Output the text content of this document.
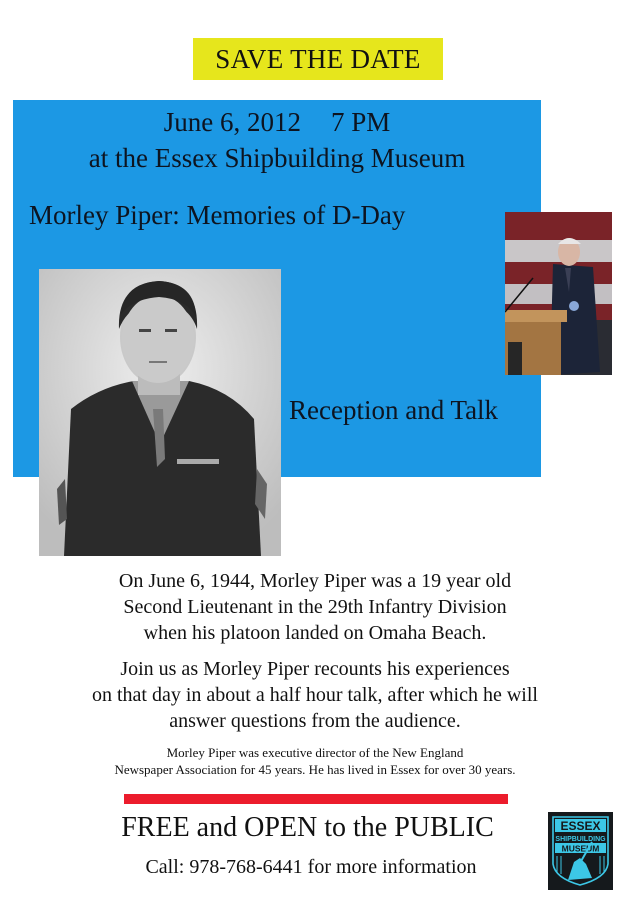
SAVE THE DATE
June 6, 2012 7 PM
at the Essex Shipbuilding Museum
Morley Piper: Memories of D-Day
Reception and Talk
On June 6, 1944, Morley Piper was a 19 year old
Second Lieutenant in the 29th Infantry Division
when his platoon landed on Omaha Beach.
Join us as Morley Piper recounts his experiences
on that day in about a half hour talk, after which he will
answer questions from the audience.
Morley Piper was executive director of the New England
Newspaper Association for 45 years. He has lived in Essex for over 30 years.
FREE and OPEN to the PUBLIC
Call: 978-768-6441 for more information
ESSEX
SHIPBUILDING
MUSEUM
